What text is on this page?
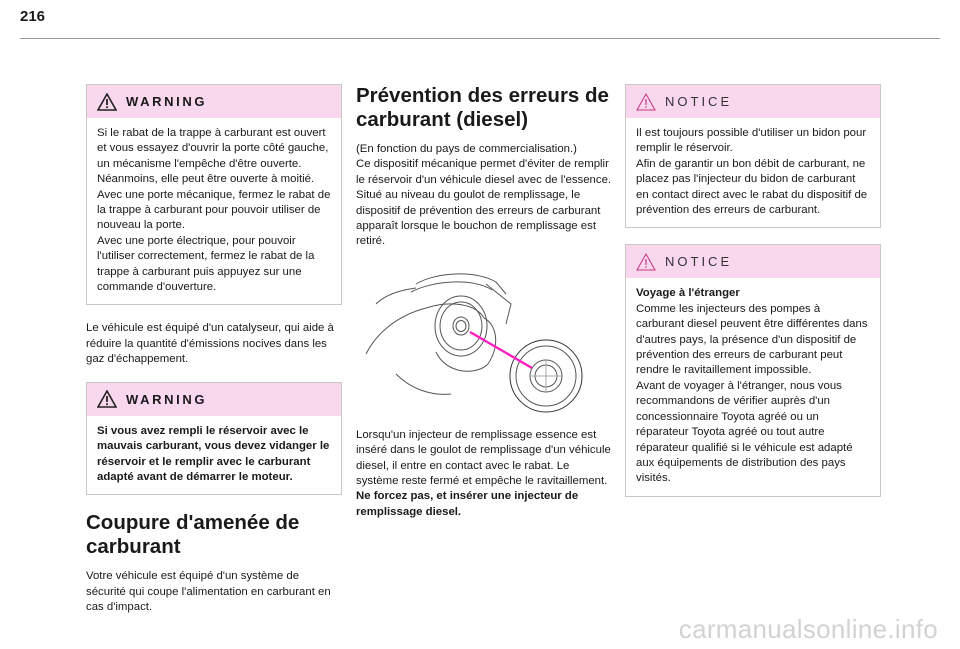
216
WARNING
Si le rabat de la trappe à carburant est ouvert et vous essayez d'ouvrir la porte côté gauche, un mécanisme l'empêche d'être ouverte.
Néanmoins, elle peut être ouverte à moitié.
Avec une porte mécanique, fermez le rabat de la trappe à carburant pour pouvoir utiliser de nouveau la porte.
Avec une porte électrique, pour pouvoir l'utiliser correctement, fermez le rabat de la trappe à carburant puis appuyez sur une commande d'ouverture.

Le véhicule est équipé d'un catalyseur, qui aide à réduire la quantité d'émissions nocives dans les gaz d'échappement.

WARNING
Si vous avez rempli le réservoir avec le mauvais carburant, vous devez vidanger le réservoir et le remplir avec le carburant adapté avant de démarrer le moteur.
Coupure d'amenée de carburant

Votre véhicule est équipé d'un système de sécurité qui coupe l'alimentation en carburant en cas d'impact.

Prévention des erreurs de carburant (diesel)

(En fonction du pays de commercialisation.)
Ce dispositif mécanique permet d'éviter de remplir le réservoir d'un véhicule diesel avec de l'essence.
Situé au niveau du goulot de remplissage, le dispositif de prévention des erreurs de carburant apparaît lorsque le bouchon de remplissage est retiré.

Lorsqu'un injecteur de remplissage essence est inséré dans le goulot de remplissage d'un véhicule diesel, il entre en contact avec le rabat. Le système reste fermé et empêche le ravitaillement.

Ne forcez pas, et insérer une injecteur de remplissage diesel.

NOTICE
Il est toujours possible d'utiliser un bidon pour remplir le réservoir.
Afin de garantir un bon débit de carburant, ne placez pas l'injecteur du bidon de carburant en contact direct avec le rabat du dispositif de prévention des erreurs de carburant.
NOTICE
Voyage à l'étranger
Comme les injecteurs des pompes à carburant diesel peuvent être différentes dans d'autres pays, la présence d'un dispositif de prévention des erreurs de carburant peut rendre le ravitaillement impossible.
Avant de voyager à l'étranger, nous vous recommandons de vérifier auprès d'un concessionnaire Toyota agréé ou un réparateur Toyota agréé ou tout autre réparateur qualifié si le véhicule est adapté aux équipements de distribution des pays visités.
carmanualsonline.info
